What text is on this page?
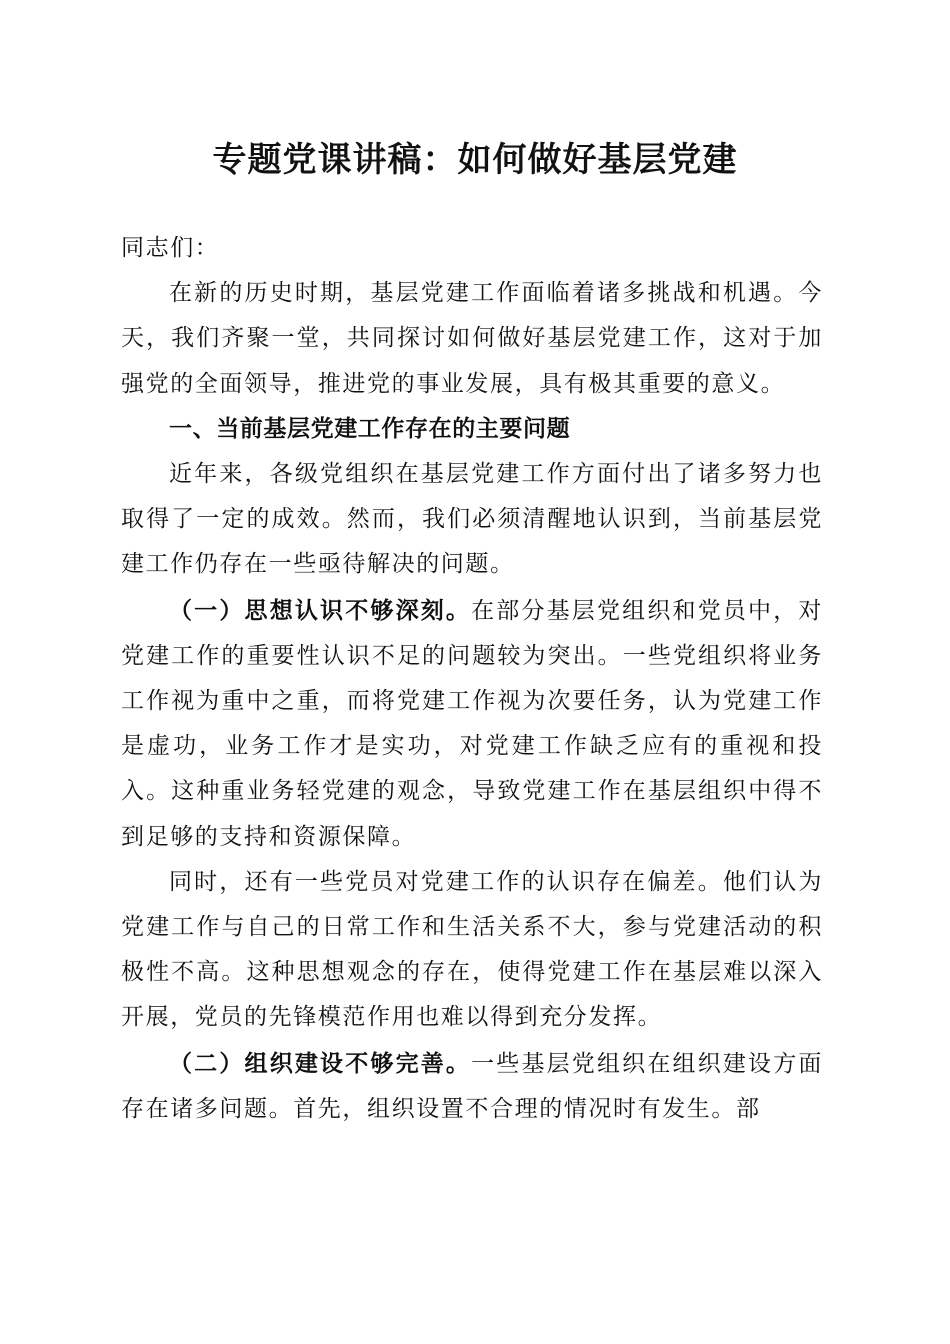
专题党课讲稿：如何做好基层党建

同志们：

在新的历史时期，基层党建工作面临着诸多挑战和机遇。今天，我们齐聚一堂，共同探讨如何做好基层党建工作，这对于加强党的全面领导，推进党的事业发展，具有极其重要的意义。

一、当前基层党建工作存在的主要问题

近年来，各级党组织在基层党建工作方面付出了诸多努力也取得了一定的成效。然而，我们必须清醒地认识到，当前基层党建工作仍存在一些亟待解决的问题。

（一）思想认识不够深刻。在部分基层党组织和党员中，对党建工作的重要性认识不足的问题较为突出。一些党组织将业务工作视为重中之重，而将党建工作视为次要任务，认为党建工作是虚功，业务工作才是实功，对党建工作缺乏应有的重视和投入。这种重业务轻党建的观念，导致党建工作在基层组织中得不到足够的支持和资源保障。

同时，还有一些党员对党建工作的认识存在偏差。他们认为党建工作与自己的日常工作和生活关系不大，参与党建活动的积极性不高。这种思想观念的存在，使得党建工作在基层难以深入开展，党员的先锋模范作用也难以得到充分发挥。

（二）组织建设不够完善。一些基层党组织在组织建设方面存在诸多问题。首先，组织设置不合理的情况时有发生。部
